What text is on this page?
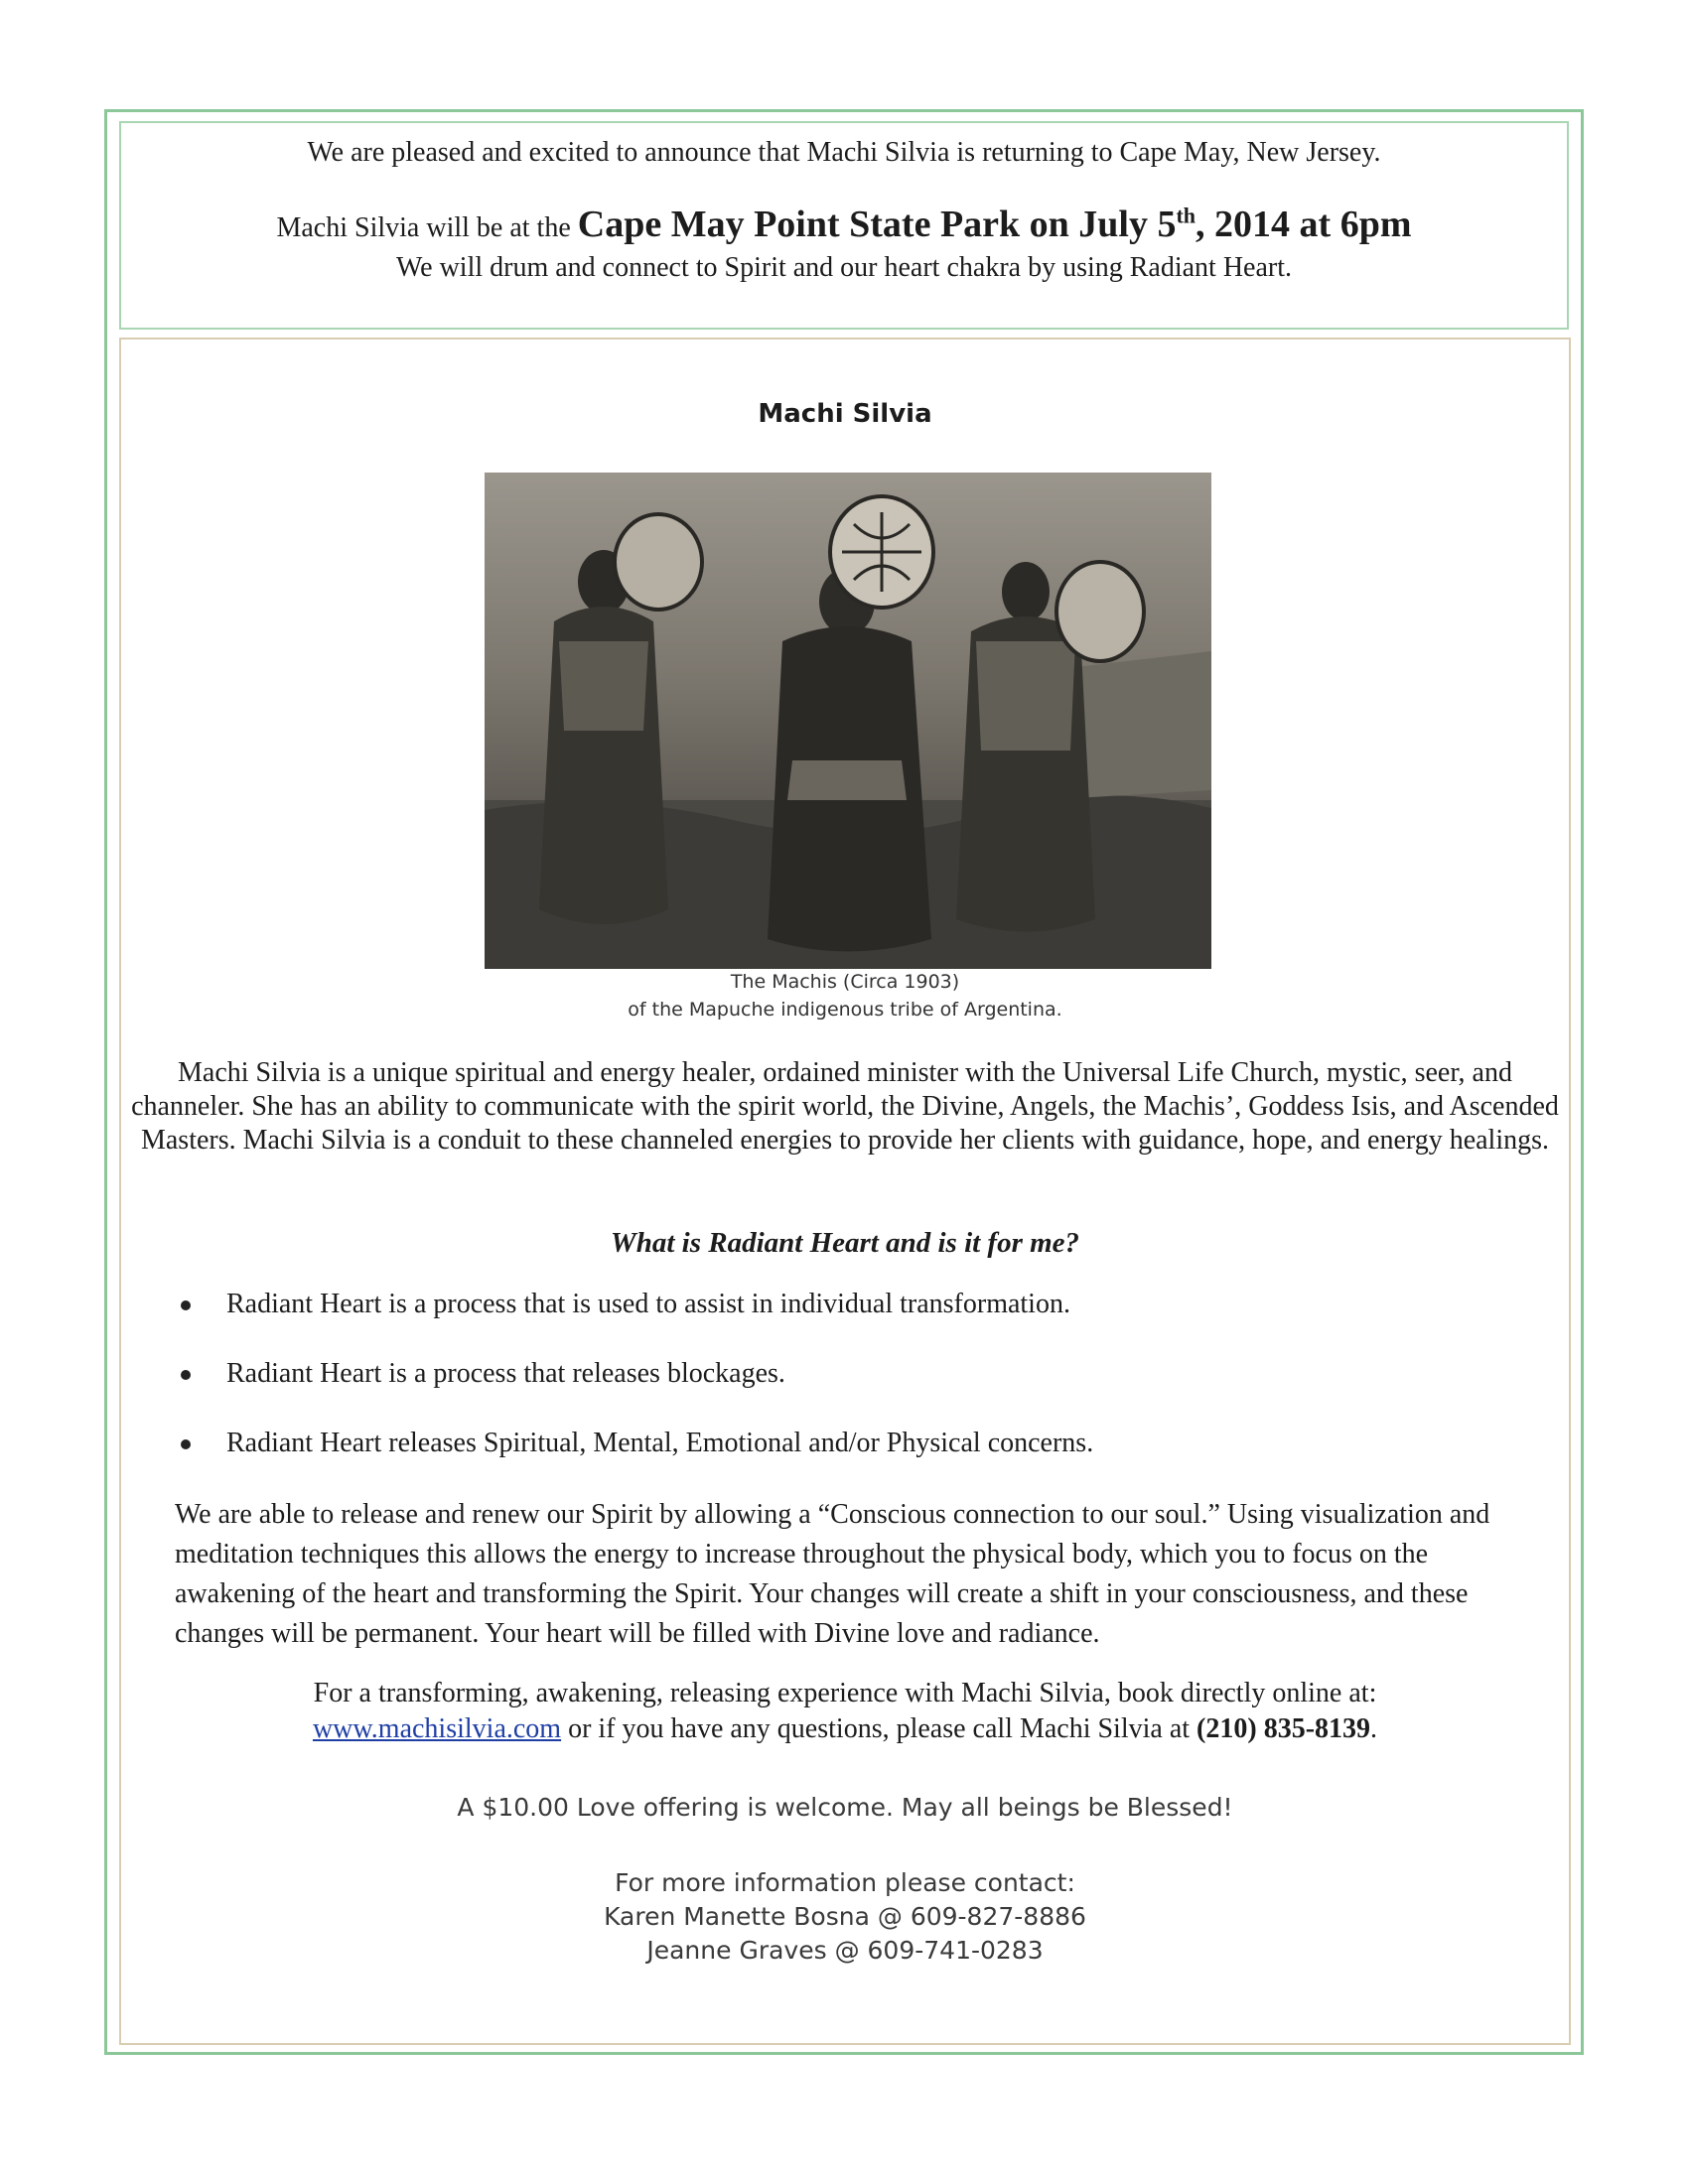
We are pleased and excited to announce that Machi Silvia is returning to Cape May, New Jersey.
Machi Silvia will be at the Cape May Point State Park on July 5th, 2014 at 6pm
We will drum and connect to Spirit and our heart chakra by using Radiant Heart.
Machi Silvia
The Machis (Circa 1903)
of the Mapuche indigenous tribe of Argentina.
Machi Silvia is a unique spiritual and energy healer, ordained minister with the Universal Life Church, mystic, seer, and channeler. She has an ability to communicate with the spirit world, the Divine, Angels, the Machis’, Goddess Isis, and Ascended Masters. Machi Silvia is a conduit to these channeled energies to provide her clients with guidance, hope, and energy healings.
What is Radiant Heart and is it for me?
Radiant Heart is a process that is used to assist in individual transformation.
Radiant Heart is a process that releases blockages.
Radiant Heart releases Spiritual, Mental, Emotional and/or Physical concerns.
We are able to release and renew our Spirit by allowing a “Conscious connection to our soul.” Using visualization and meditation techniques this allows the energy to increase throughout the physical body, which you to focus on the awakening of the heart and transforming the Spirit. Your changes will create a shift in your consciousness, and these changes will be permanent. Your heart will be filled with Divine love and radiance.
For a transforming, awakening, releasing experience with Machi Silvia, book directly online at:
www.machisilvia.com or if you have any questions, please call Machi Silvia at (210) 835-8139.
A $10.00 Love offering is welcome. May all beings be Blessed!
For more information please contact:
Karen Manette Bosna @ 609-827-8886
Jeanne Graves @ 609-741-0283
